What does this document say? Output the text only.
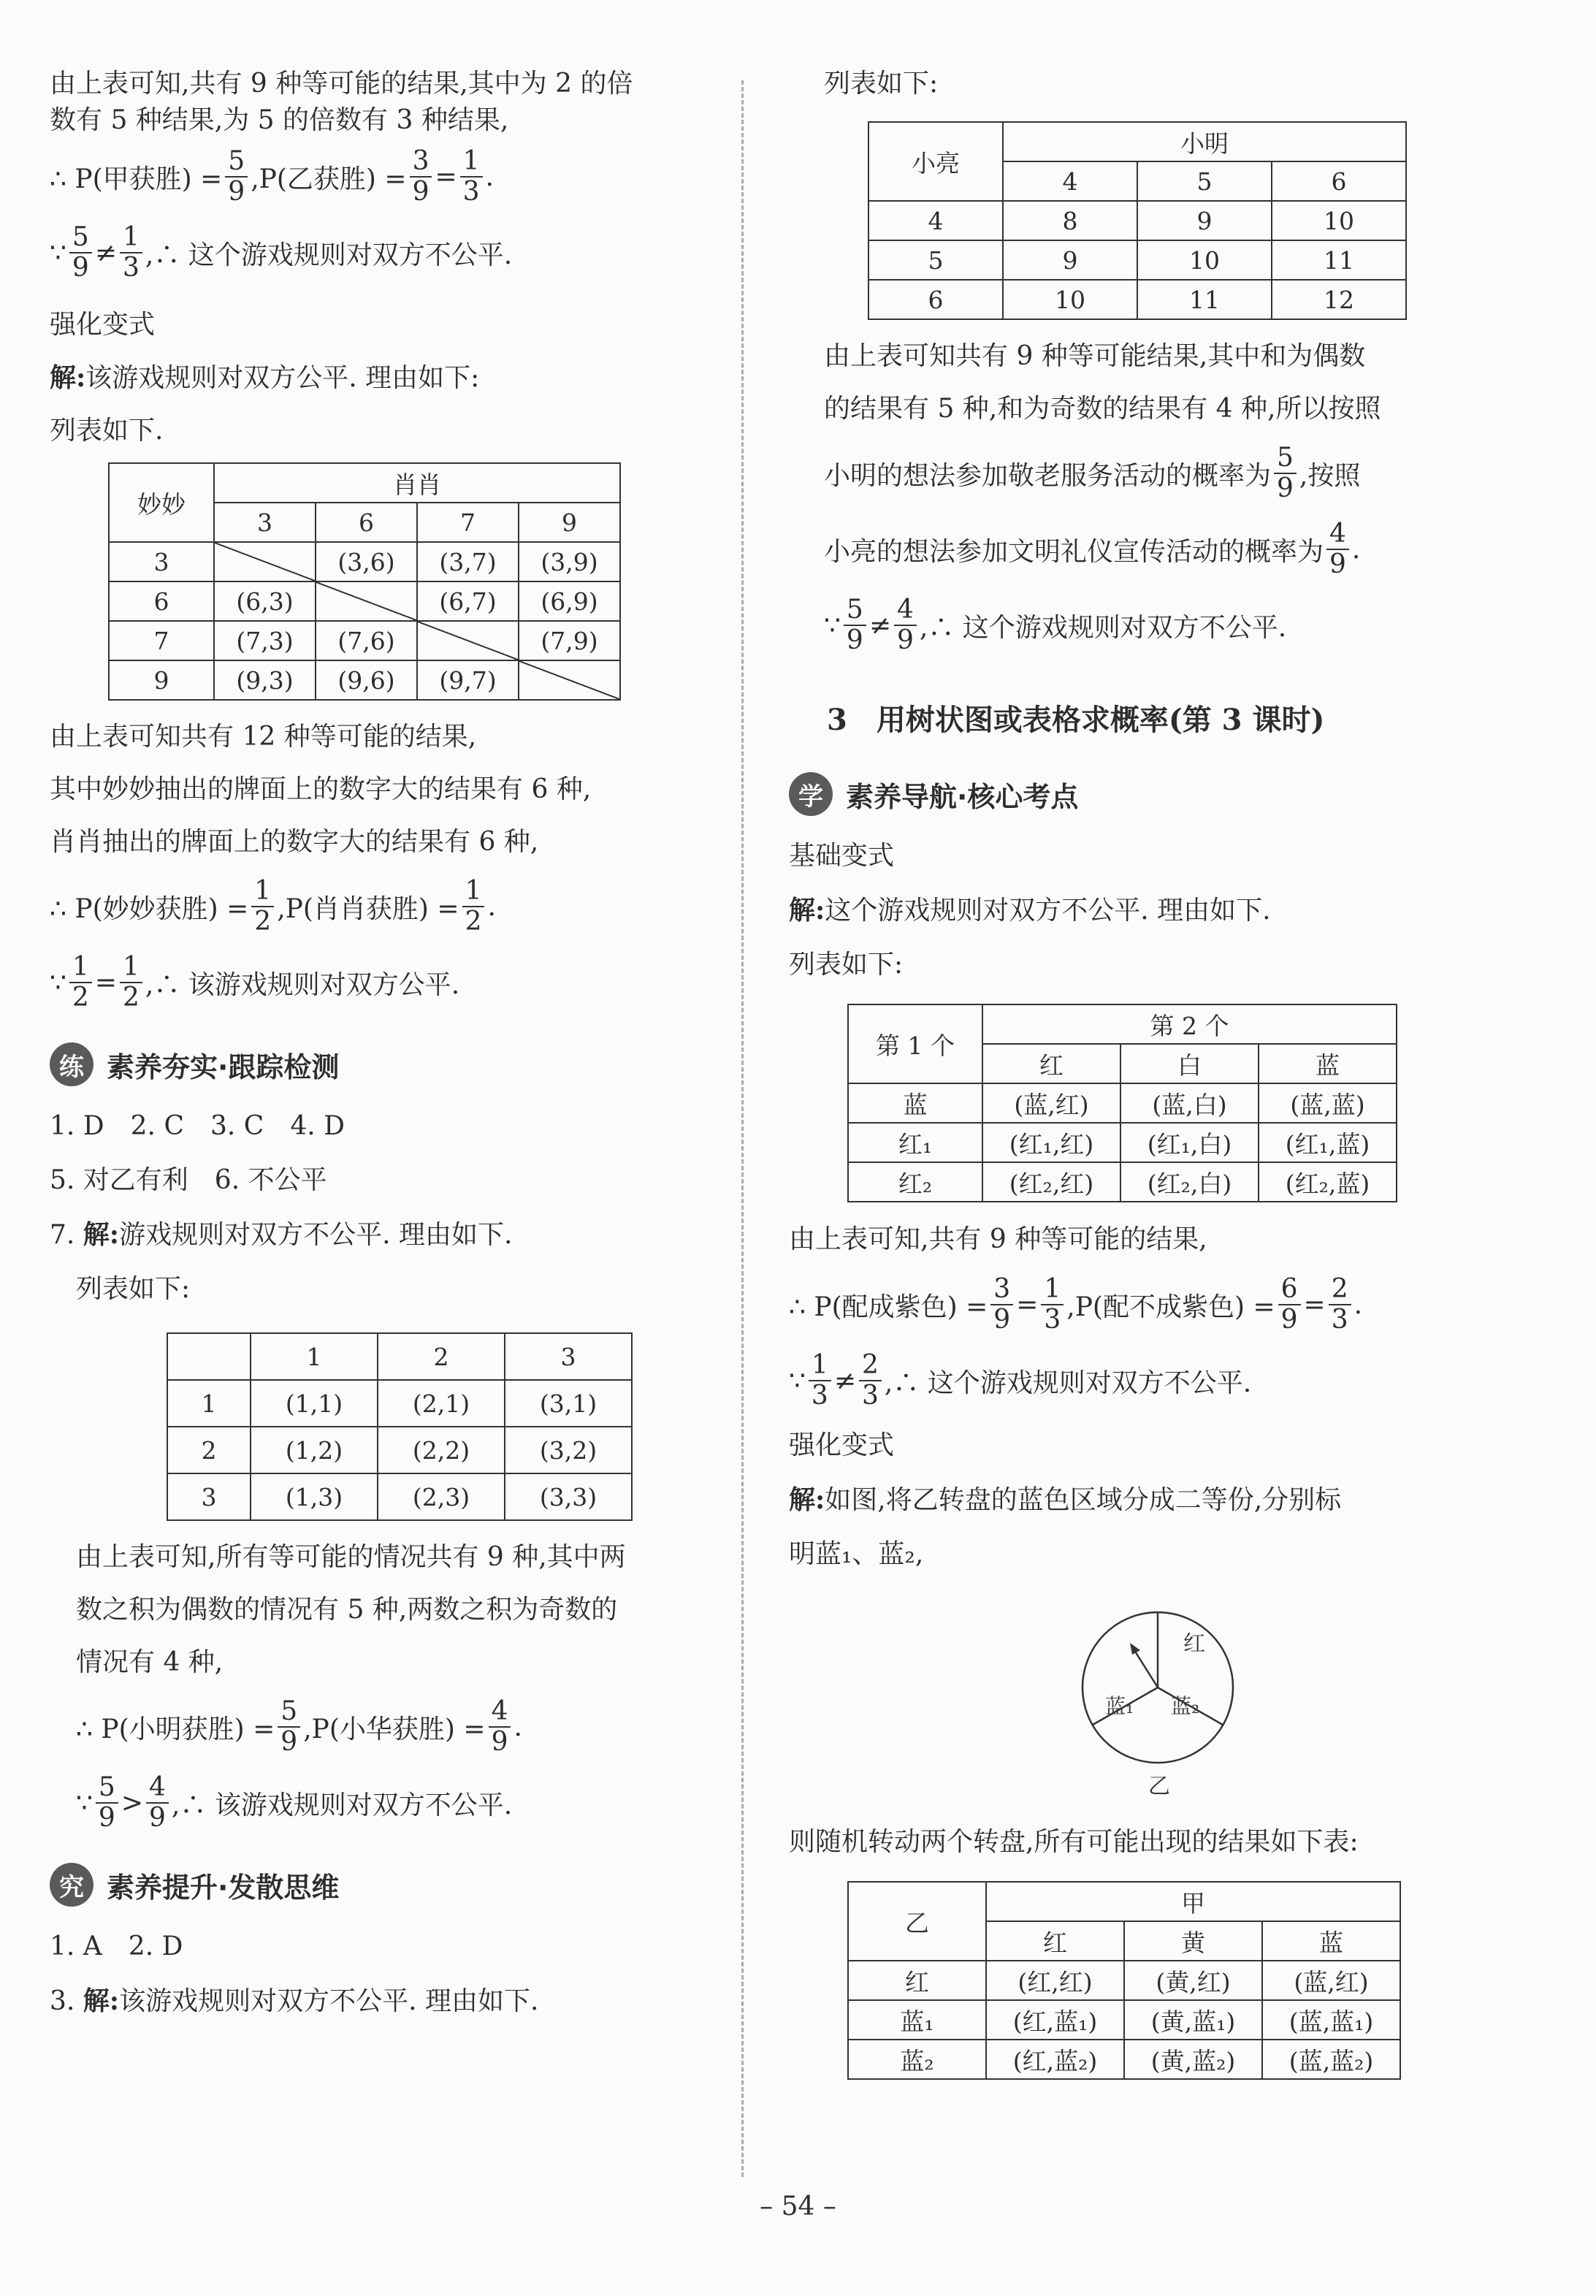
由上表可知,共有 9 种等可能的结果,其中为 2 的倍

数有 5 种结果,为 5 的倍数有 3 种结果,

∴ P(甲获胜) = $\frac{5}{9} ,P$(乙获胜) = $\frac{3}{9} = \frac{1}{3}$ .
∵ $\frac{5}{9} \ne \frac{1}{3}$ ,∴ 这个游戏规则对双方不公平.

强化变式

解:该游戏规则对双方公平. 理由如下:

列表如下.

妙妙	肖肖			
	3	6	7	9
3		(3,6)	(3,7)	(3,9)
6	(6,3)		(6,7)	(6,9)
7	(7,3)	(7,6)		(7,9)
9	(9,3)	(9,6)	(9,7)	

由上表可知共有 12 种等可能的结果,

其中妙妙抽出的牌面上的数字大的结果有 6 种,

肖肖抽出的牌面上的数字大的结果有 6 种,

∴ P(妙妙获胜) = $\frac{1}{2} ,P$(肖肖获胜) = $\frac{1}{2}$ .
∵ $\frac{1}{2} = \frac{1}{2}$ ,∴ 该游戏规则对双方公平.
练 素养夯实·跟踪检测

1. D　2. C　3. C　4. D

5. 对乙有利　6. 不公平

7. 解:游戏规则对双方不公平. 理由如下.

列表如下:

	1	2	3
1	(1,1)	(2,1)	(3,1)
2	(1,2)	(2,2)	(3,2)
3	(1,3)	(2,3)	(3,3)

由上表可知,所有等可能的情况共有 9 种,其中两

数之积为偶数的情况有 5 种,两数之积为奇数的

情况有 4 种,

∴ P(小明获胜) = $\frac{5}{9} ,P$(小华获胜) = $\frac{4}{9}$ .
∵ $\frac{5}{9} > \frac{4}{9}$ ,∴ 该游戏规则对双方不公平.
究 素养提升·发散思维

1. A　2. D

3. 解:该游戏规则对双方不公平. 理由如下.

列表如下:

小亮	小明		
	4	5	6
4	8	9	10
5	9	10	11
6	10	11	12

由上表可知共有 9 种等可能结果,其中和为偶数

的结果有 5 种,和为奇数的结果有 4 种,所以按照

小明的想法参加敬老服务活动的概率为 $\frac{5}{9}$ ,按照
小亮的想法参加文明礼仪宣传活动的概率为 $\frac{4}{9}$ .
∵ $\frac{5}{9} \ne \frac{4}{9}$ ,∴ 这个游戏规则对双方不公平.
3　用树状图或表格求概率(第 3 课时)
学 素养导航·核心考点

基础变式

解:这个游戏规则对双方不公平. 理由如下.

列表如下:

第 1 个	第 2 个		
	红	白	蓝
蓝	(蓝,红)	(蓝,白)	(蓝,蓝)
红₁	(红₁,红)	(红₁,白)	(红₁,蓝)
红₂	(红₂,红)	(红₂,白)	(红₂,蓝)

由上表可知,共有 9 种等可能的结果,

∴ P(配成紫色) = $\frac{3}{9} = \frac{1}{3} ,P$(配不成紫色) = $\frac{6}{9} = \frac{2}{3}$ .
∵ $\frac{1}{3} \ne \frac{2}{3}$ ,∴ 这个游戏规则对双方不公平.

强化变式

解:如图,将乙转盘的蓝色区域分成二等份,分别标

明蓝₁、蓝₂,

红
蓝₁ 蓝₂
乙

则随机转动两个转盘,所有可能出现的结果如下表:

乙	甲		
	红	黄	蓝
红	(红,红)	(黄,红)	(蓝,红)
蓝₁	(红,蓝₁)	(黄,蓝₁)	(蓝,蓝₁)
蓝₂	(红,蓝₂)	(黄,蓝₂)	(蓝,蓝₂)
– 54 –
